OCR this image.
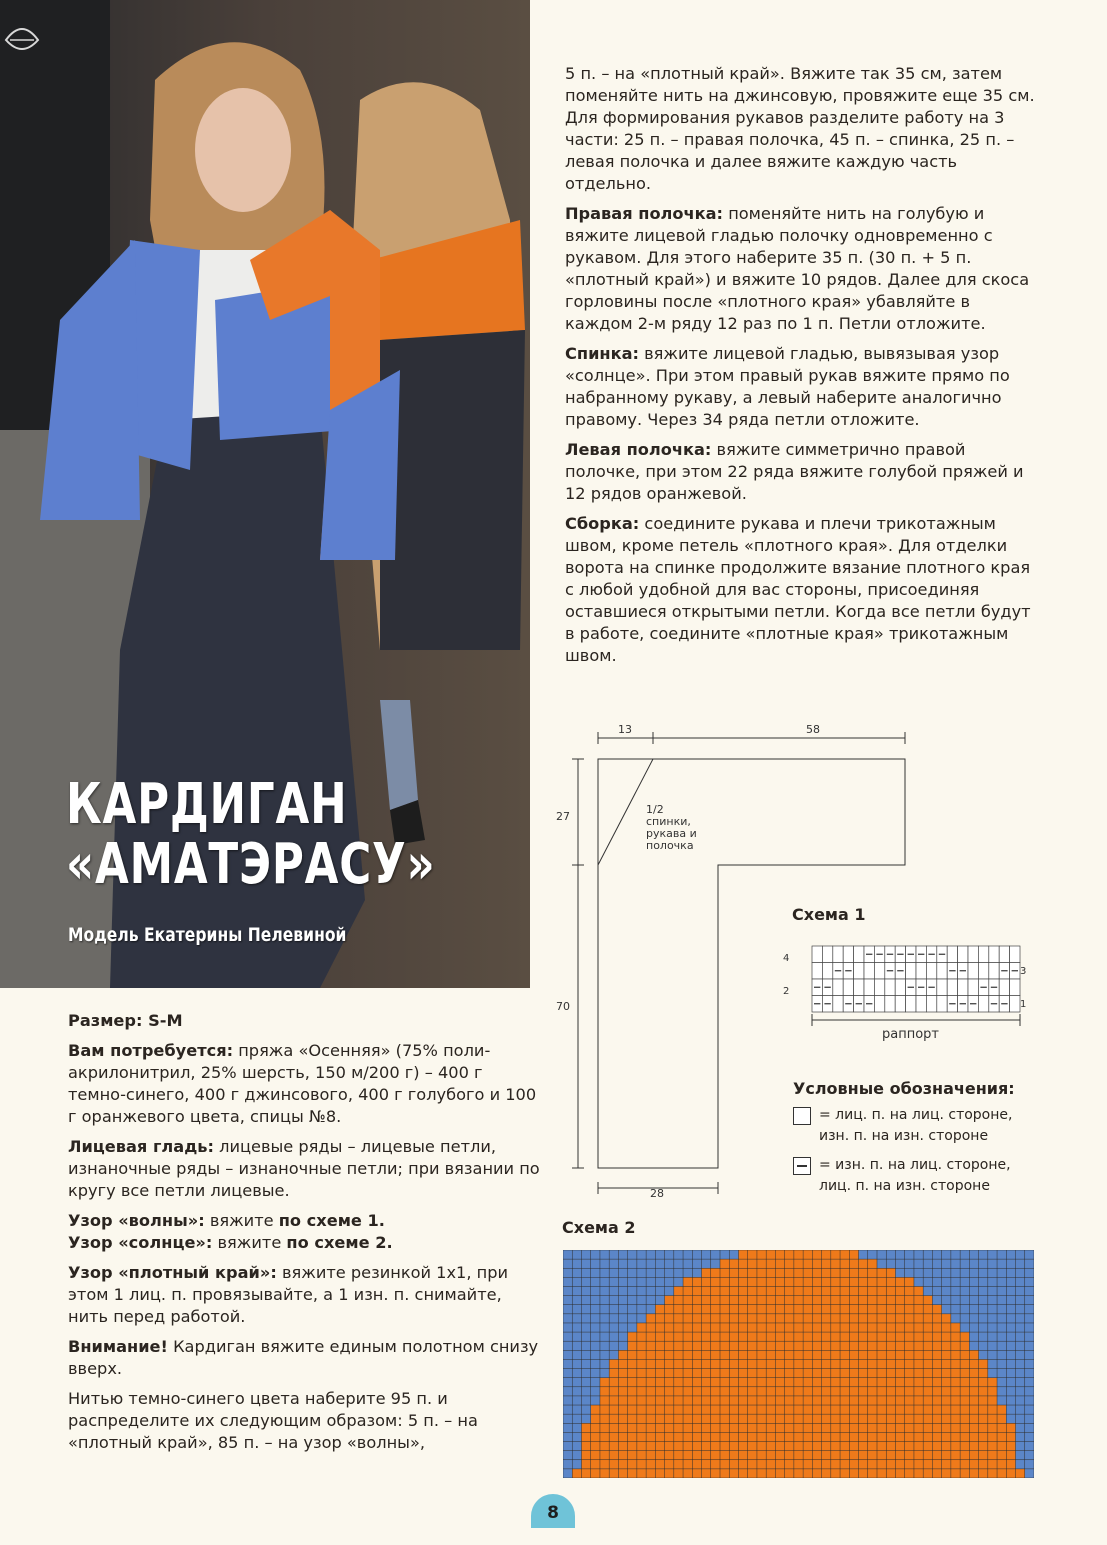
КАРДИГАН
«АМАТЭРАСУ»
Модель Екатерины Пелевиной

Размер: S-M

Вам потребуется: пряжа «Осенняя» (75% полиакрилонитрил, 25% шерсть, 150 м/200 г) – 400 г темно-синего, 400 г джинсового, 400 г голубого и 100 г оранжевого цвета, спицы №8.

Лицевая гладь: лицевые ряды – лицевые петли, изнаночные ряды – изнаночные петли; при вязании по кругу все петли лицевые.

Узор «волны»: вяжите по схеме 1.

Узор «солнце»: вяжите по схеме 2.

Узор «плотный край»: вяжите резинкой 1х1, при этом 1 лиц. п. провязывайте, а 1 изн. п. снимайте, нить перед работой.

Внимание! Кардиган вяжите единым полотном снизу вверх.

Нитью темно-синего цвета наберите 95 п. и распределите их следующим образом: 5 п. – на «плотный край», 85 п. – на узор «волны»,

5 п. – на «плотный край». Вяжите так 35 см, затем поменяйте нить на джинсовую, провяжите еще 35 см. Для формирования рукавов разделите работу на 3 части: 25 п. – правая полочка, 45 п. – спинка, 25 п. – левая полочка и далее вяжите каждую часть отдельно.

Правая полочка: поменяйте нить на голубую и вяжите лицевой гладью полочку одновременно с рукавом. Для этого наберите 35 п. (30 п. + 5 п. «плотный край») и вяжите 10 рядов. Далее для скоса горловины после «плотного края» убавляйте в каждом 2-м ряду 12 раз по 1 п. Петли отложите.

Спинка: вяжите лицевой гладью, вывязывая узор «солнце». При этом правый рукав вяжите прямо по набранному рукаву, а левый наберите аналогично правому. Через 34 ряда петли отложите.

Левая полочка: вяжите симметрично правой полочке, при этом 22 ряда вяжите голубой пряжей и 12 рядов оранжевой.

Сборка: соедините рукава и плечи трикотажным швом, кроме петель «плотного края». Для отделки ворота на спинке продолжите вязание плотного края с любой удобной для вас стороны, присоединяя оставшиеся открытыми петли. Когда все петли будут в работе, соедините «плотные края» трикотажным швом.

13	58
27
70
28
1/2
спинки,
рукава и
полочка
Схема 1
4
3
2
1
раппорт
Условные обозначения:
= лиц. п. на лиц. стороне,
изн. п. на изн. стороне
= изн. п. на лиц. стороне,
лиц. п. на изн. стороне
Схема 2
8
